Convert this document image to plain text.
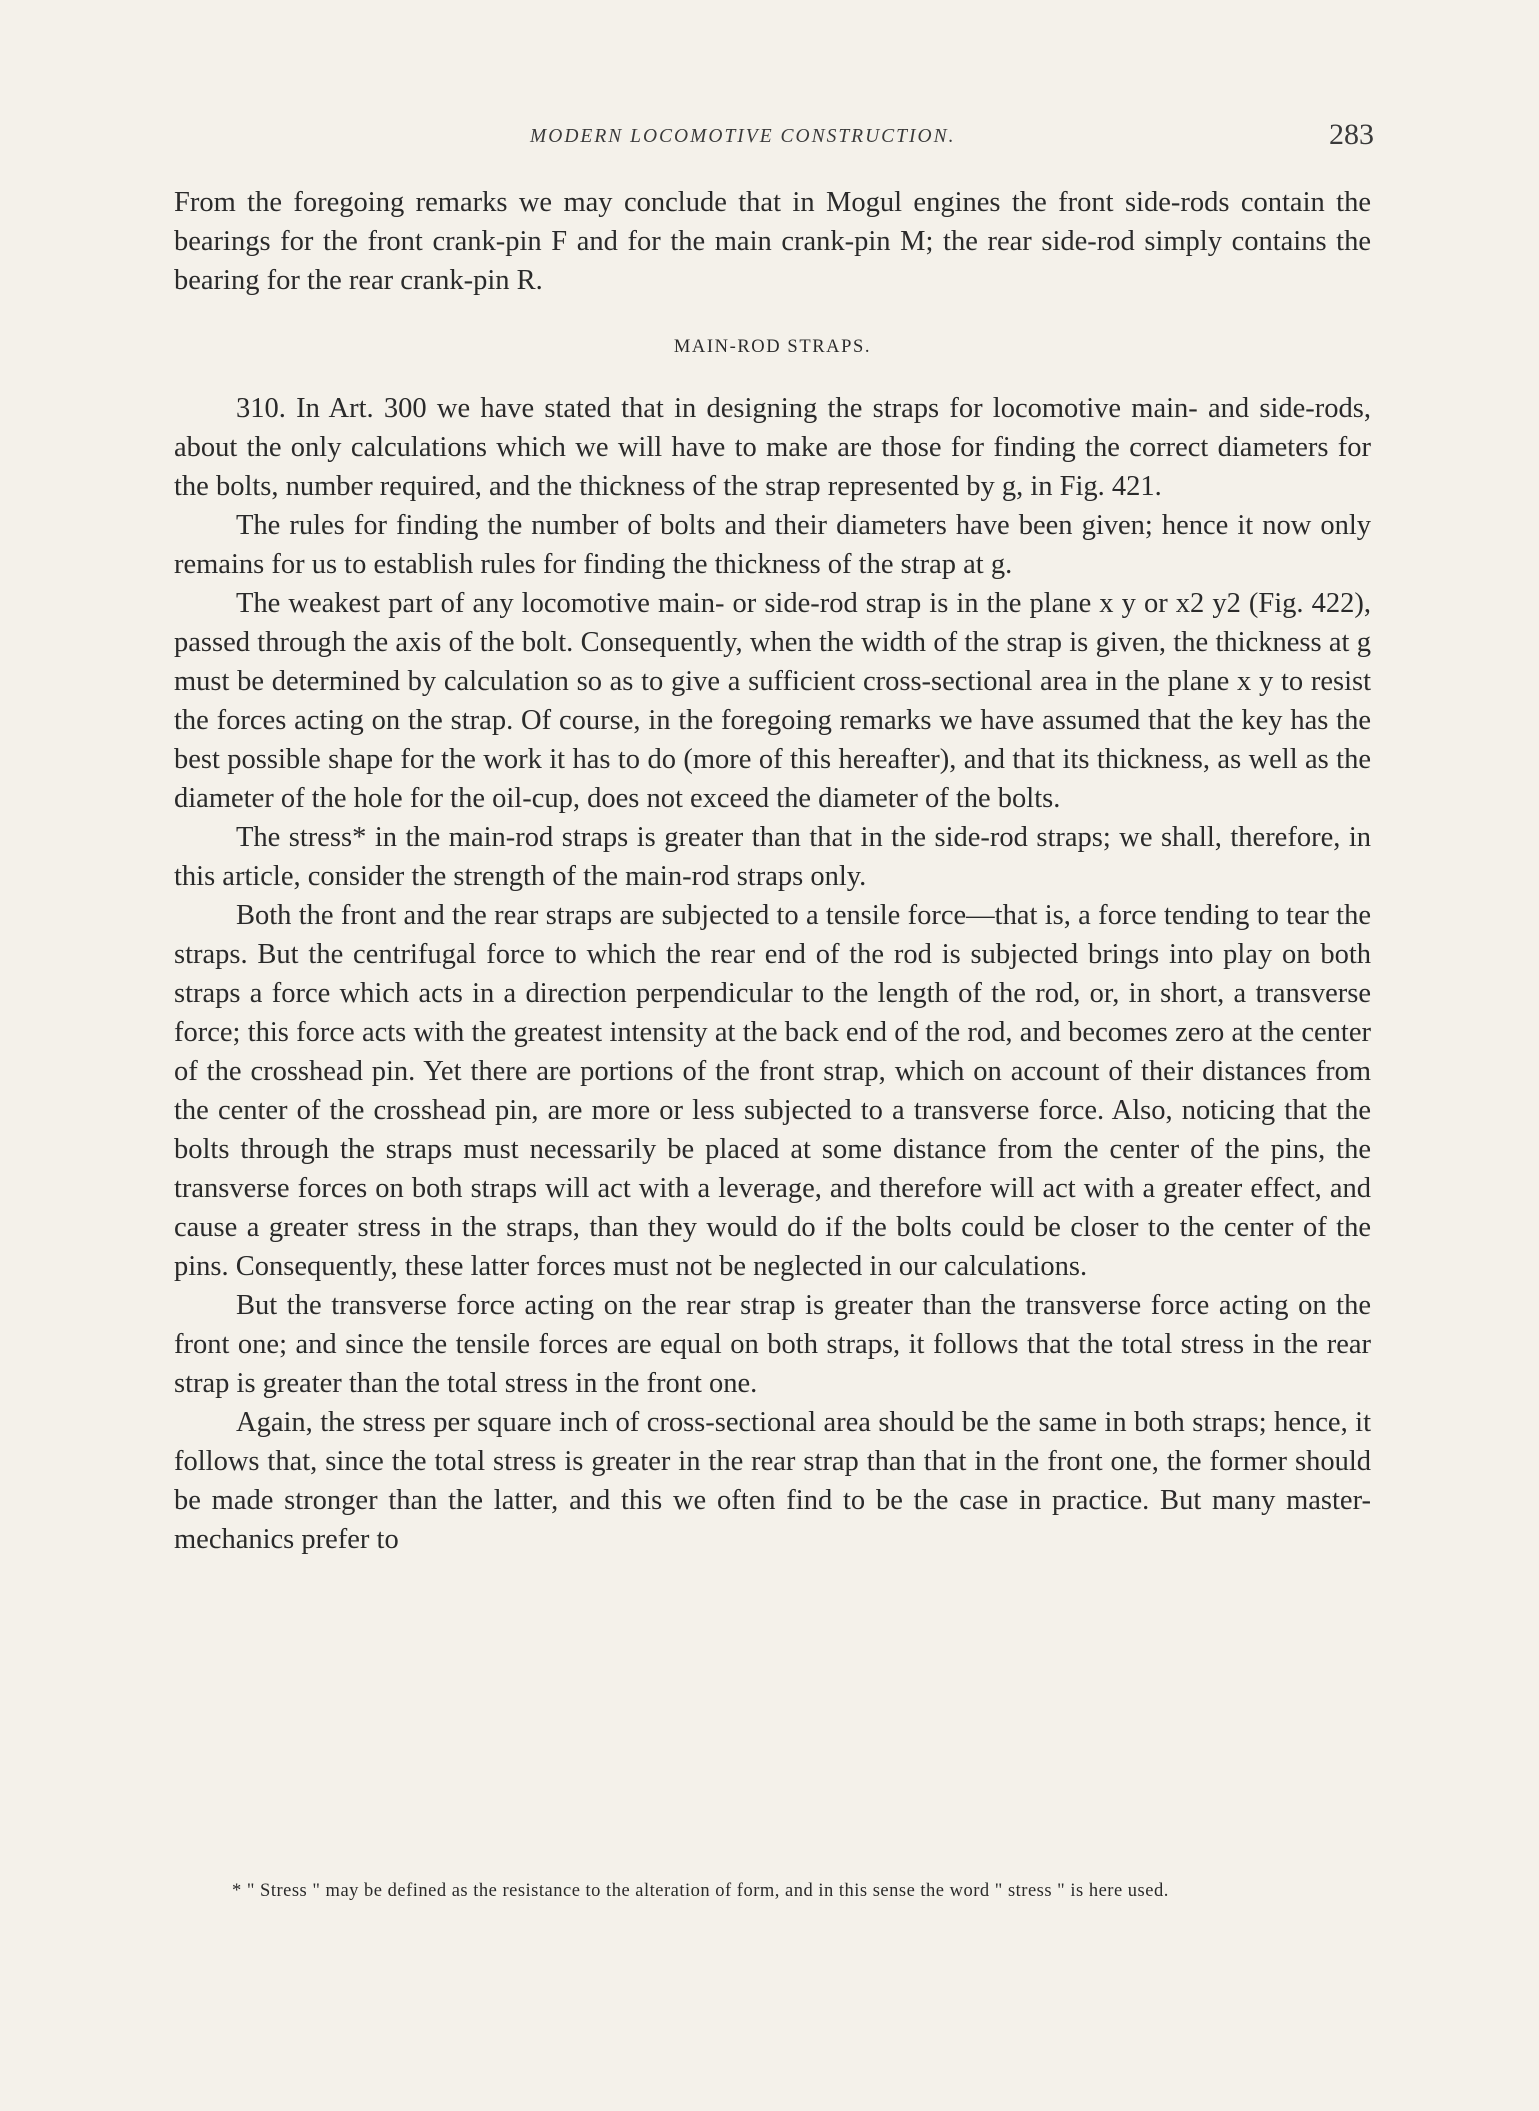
MODERN LOCOMOTIVE CONSTRUCTION.	283

From the foregoing remarks we may conclude that in Mogul engines the front side-rods contain the bearings for the front crank-pin F and for the main crank-pin M; the rear side-rod simply contains the bearing for the rear crank-pin R.

MAIN-ROD STRAPS.

310. In Art. 300 we have stated that in designing the straps for locomotive main- and side-rods, about the only calculations which we will have to make are those for finding the correct diameters for the bolts, number required, and the thickness of the strap represented by g, in Fig. 421.

The rules for finding the number of bolts and their diameters have been given; hence it now only remains for us to establish rules for finding the thickness of the strap at g.

The weakest part of any locomotive main- or side-rod strap is in the plane x y or x2 y2 (Fig. 422), passed through the axis of the bolt. Consequently, when the width of the strap is given, the thickness at g must be determined by calculation so as to give a sufficient cross-sectional area in the plane x y to resist the forces acting on the strap. Of course, in the foregoing remarks we have assumed that the key has the best possible shape for the work it has to do (more of this hereafter), and that its thickness, as well as the diameter of the hole for the oil-cup, does not exceed the diameter of the bolts.

The stress* in the main-rod straps is greater than that in the side-rod straps; we shall, therefore, in this article, consider the strength of the main-rod straps only.

Both the front and the rear straps are subjected to a tensile force—that is, a force tending to tear the straps. But the centrifugal force to which the rear end of the rod is subjected brings into play on both straps a force which acts in a direction perpendicular to the length of the rod, or, in short, a transverse force; this force acts with the greatest intensity at the back end of the rod, and becomes zero at the center of the crosshead pin. Yet there are portions of the front strap, which on account of their distances from the center of the crosshead pin, are more or less subjected to a transverse force. Also, noticing that the bolts through the straps must necessarily be placed at some distance from the center of the pins, the transverse forces on both straps will act with a leverage, and therefore will act with a greater effect, and cause a greater stress in the straps, than they would do if the bolts could be closer to the center of the pins. Consequently, these latter forces must not be neglected in our calculations.

But the transverse force acting on the rear strap is greater than the transverse force acting on the front one; and since the tensile forces are equal on both straps, it follows that the total stress in the rear strap is greater than the total stress in the front one.

Again, the stress per square inch of cross-sectional area should be the same in both straps; hence, it follows that, since the total stress is greater in the rear strap than that in the front one, the former should be made stronger than the latter, and this we often find to be the case in practice. But many master-mechanics prefer to

* " Stress " may be defined as the resistance to the alteration of form, and in this sense the word " stress " is here used.
